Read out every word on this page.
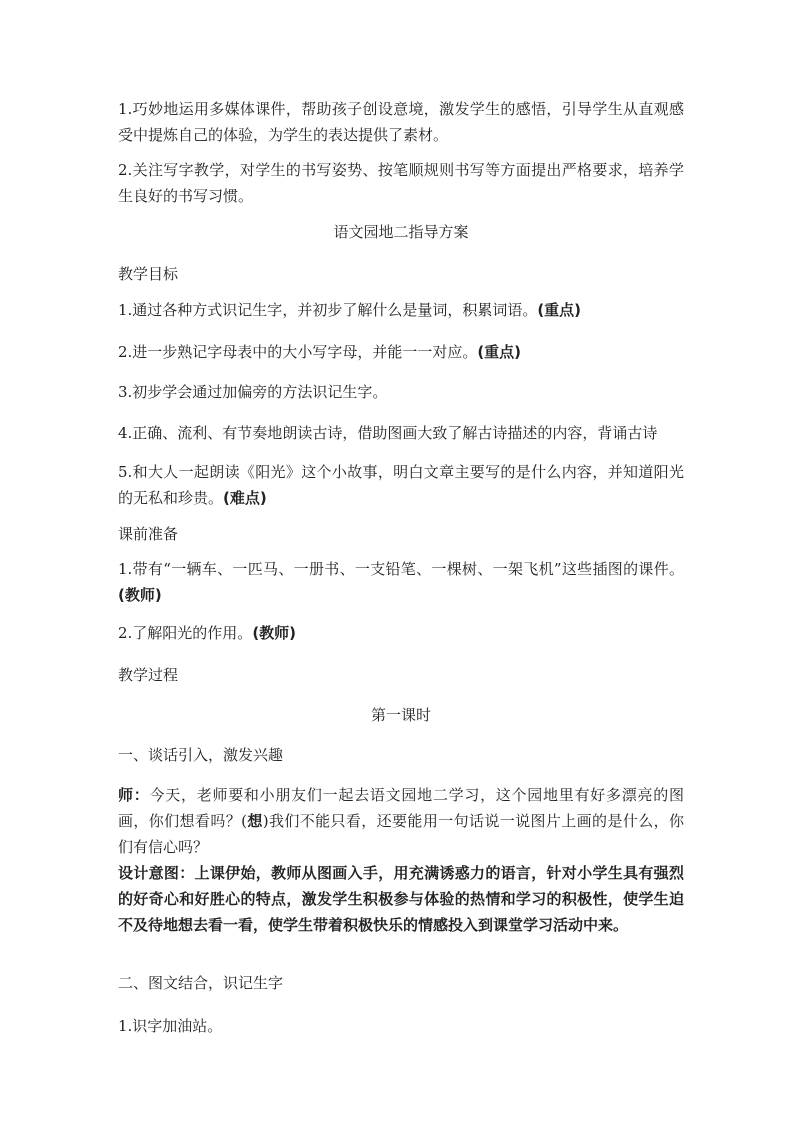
1.巧妙地运用多媒体课件，帮助孩子创设意境，激发学生的感悟，引导学生从直观感受中提炼自己的体验，为学生的表达提供了素材。

2.关注写字教学，对学生的书写姿势、按笔顺规则书写等方面提出严格要求，培养学生良好的书写习惯。

语文园地二指导方案

教学目标

1.通过各种方式识记生字，并初步了解什么是量词，积累词语。(重点)

2.进一步熟记字母表中的大小写字母，并能一一对应。(重点)

3.初步学会通过加偏旁的方法识记生字。

4.正确、流利、有节奏地朗读古诗，借助图画大致了解古诗描述的内容，背诵古诗

5.和大人一起朗读《阳光》这个小故事，明白文章主要写的是什么内容，并知道阳光的无私和珍贵。(难点)

课前准备

1.带有“一辆车、一匹马、一册书、一支铅笔、一棵树、一架飞机”这些插图的课件。(教师)

2.了解阳光的作用。(教师)

教学过程

第一课时

一、谈话引入，激发兴趣

师：今天，老师要和小朋友们一起去语文园地二学习，这个园地里有好多漂亮的图画，你们想看吗？(想)我们不能只看，还要能用一句话说一说图片上画的是什么，你们有信心吗？

设计意图：上课伊始，教师从图画入手，用充满诱惑力的语言，针对小学生具有强烈的好奇心和好胜心的特点，激发学生积极参与体验的热情和学习的积极性，使学生迫不及待地想去看一看，使学生带着积极快乐的情感投入到课堂学习活动中来。

二、图文结合，识记生字

1.识字加油站。
